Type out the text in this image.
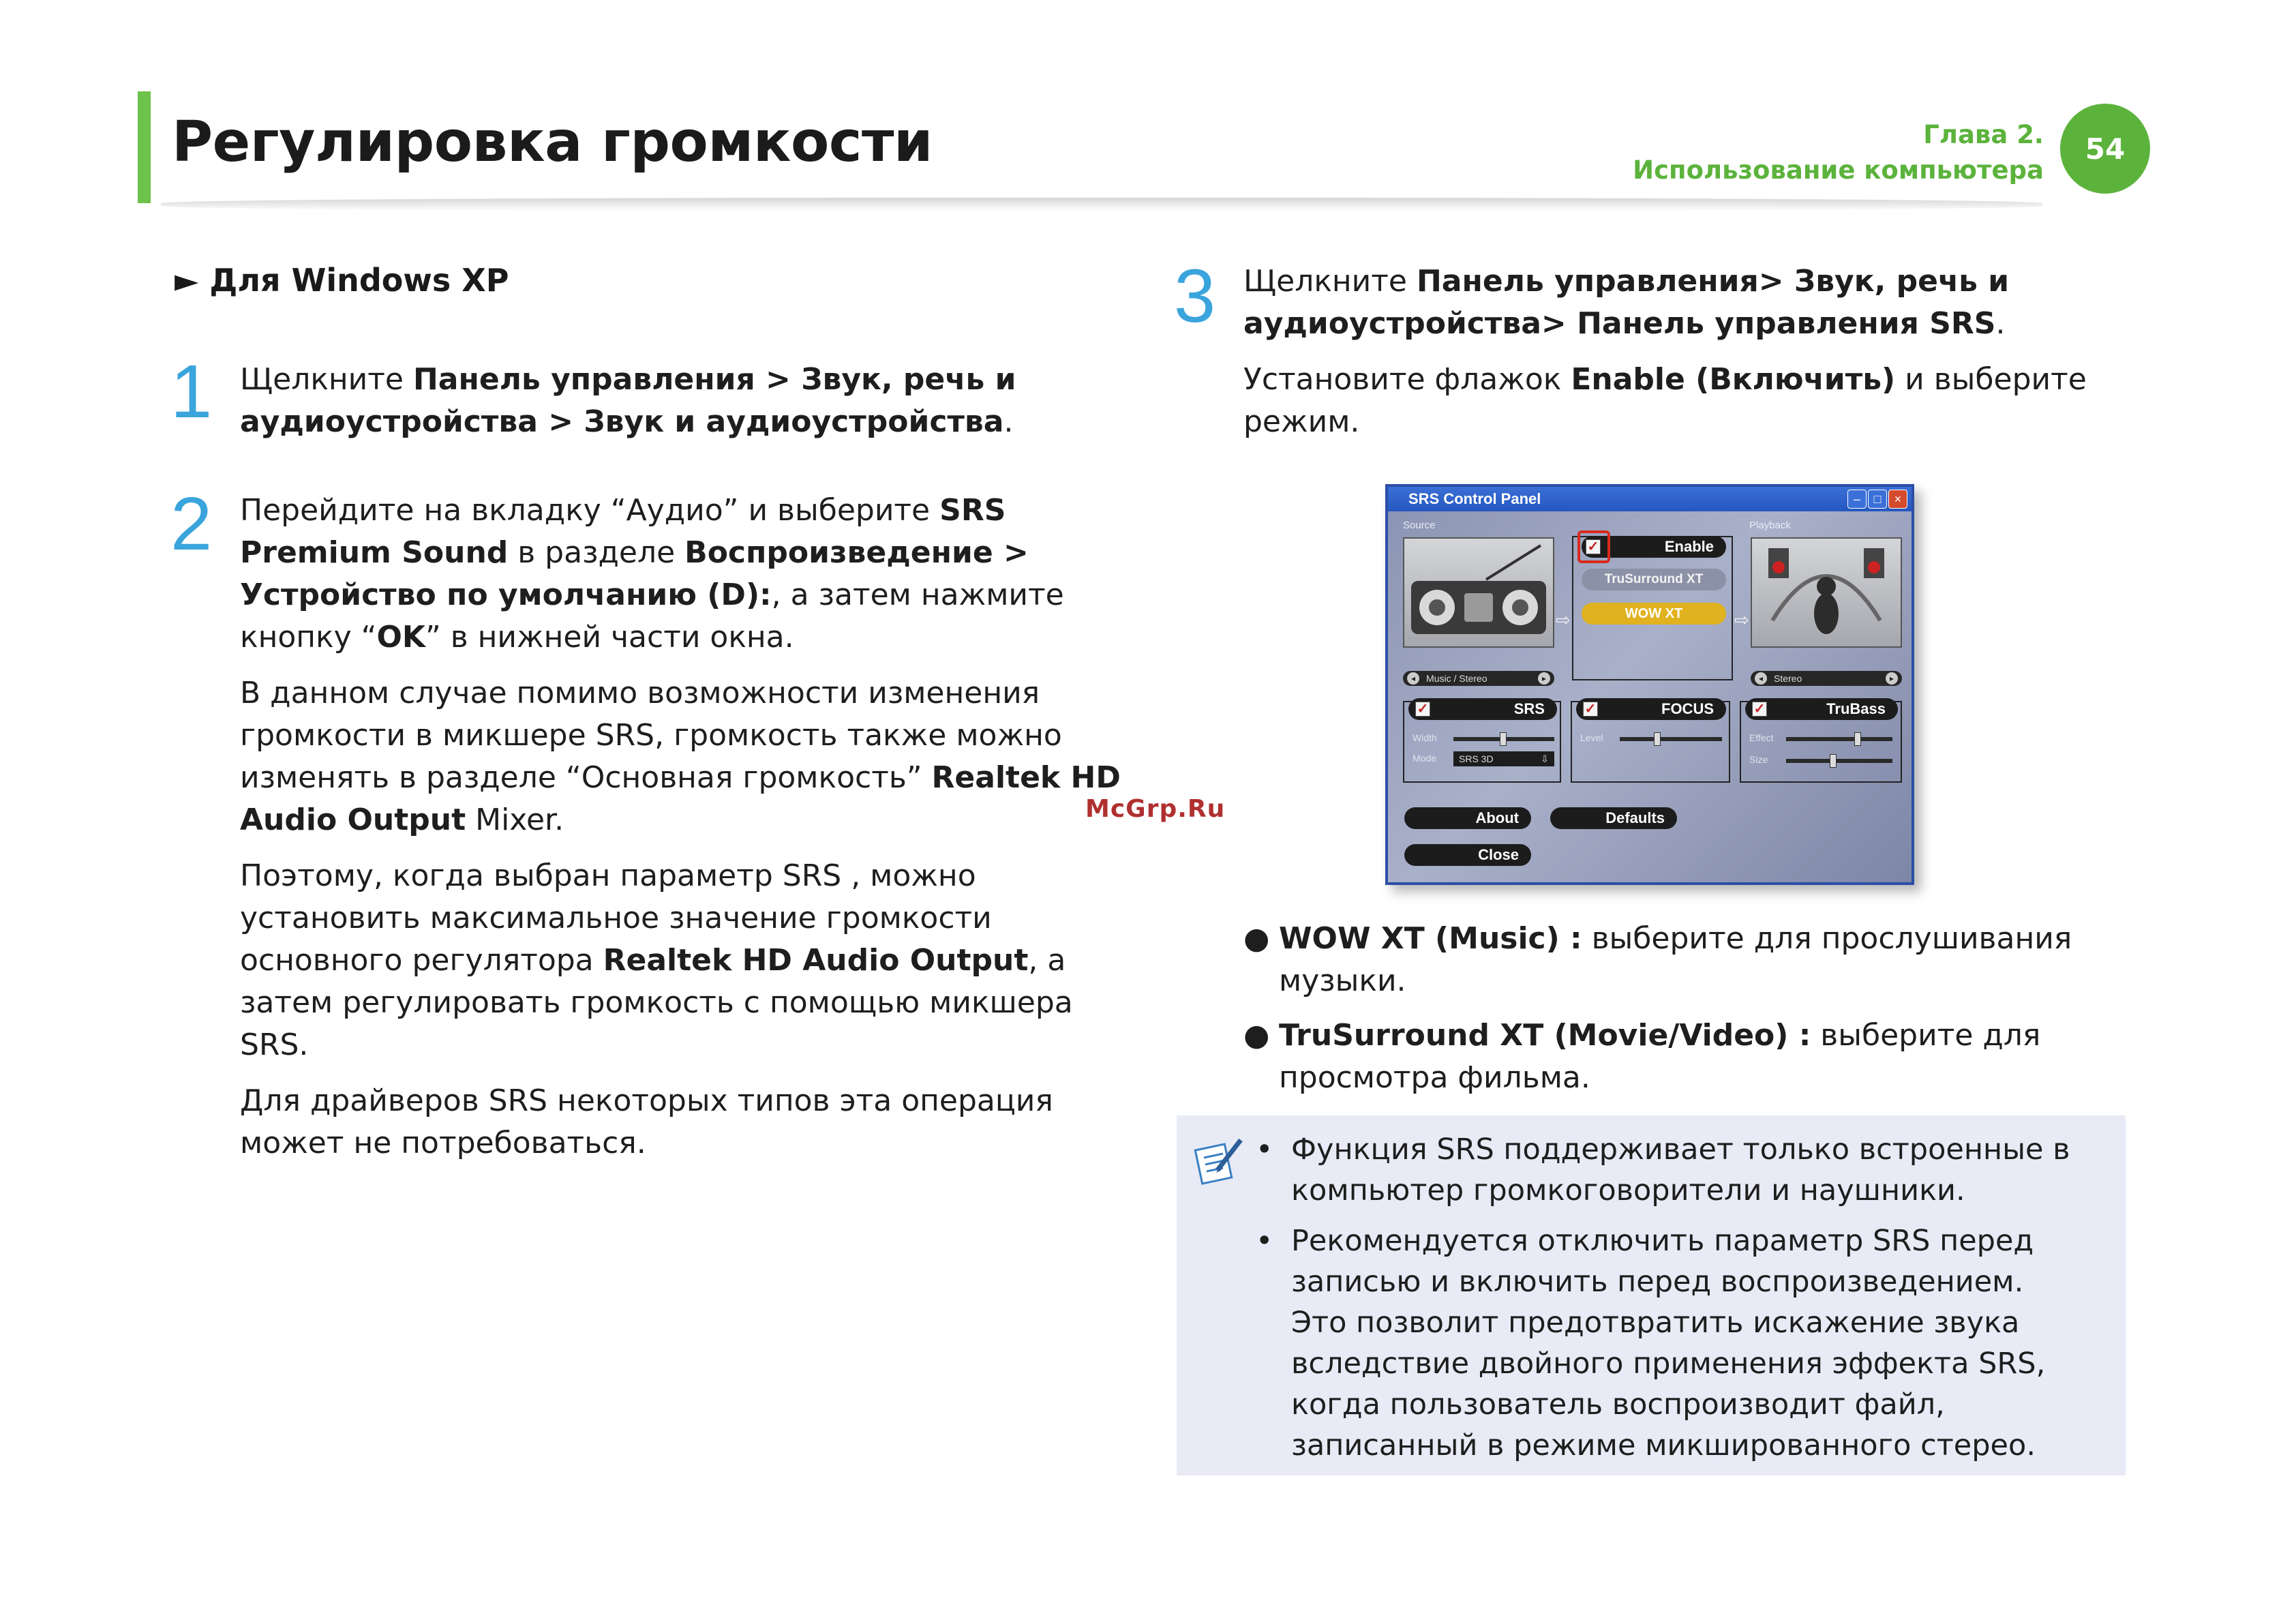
Регулировка громкости	Глава 2.
Использование компьютера
54
► Для Windows XP
1 Щелкните Панель управления > Звук, речь и аудиоустройства > Звук и аудиоустройства.

2 Перейдите на вкладку “Аудио” и выберите SRS Premium Sound в разделе Воспроизведение > Устройство по умолчанию (D):, а затем нажмите кнопку “OK” в нижней части окна.

В данном случае помимо возможности изменения громкости в микшере SRS, громкость также можно изменять в разделе “Основная громкость” Realtek HD Audio Output Mixer.

Поэтому, когда выбран параметр SRS , можно установить максимальное значение громкости основного регулятора Realtek HD Audio Output, а затем регулировать громкость с помощью микшера SRS.

Для драйверов SRS некоторых типов эта операция может не потребоваться.

McGrp.Ru
3 Щелкните Панель управления> Звук, речь и аудиоустройства> Панель управления SRS.

Установите флажок Enable (Включить) и выберите режим.

SRS Control Panel	–	□	×
Source	Playback
◂	Music / Stereo	▸
⇨
Enable
✓
TruSurround XT
WOW XT	⇨
◂	Stereo	▸
SRS
✓
Width
Mode	SRS 3D	⇩
FOCUS
✓
Level
TruBass
✓
Effect
Size
About	Defaults
Close
● WOW XT (Music) : выберите для прослушивания музыки.
● TruSurround XT (Movie/Video) : выберите для просмотра фильма.
• Функция SRS поддерживает только встроенные в компьютер громкоговорители и наушники.
• Рекомендуется отключить параметр SRS перед записью и включить перед воспроизведением.
Это позволит предотвратить искажение звука вследствие двойного применения эффекта SRS, когда пользователь воспроизводит файл, записанный в режиме микшированного стерео.
